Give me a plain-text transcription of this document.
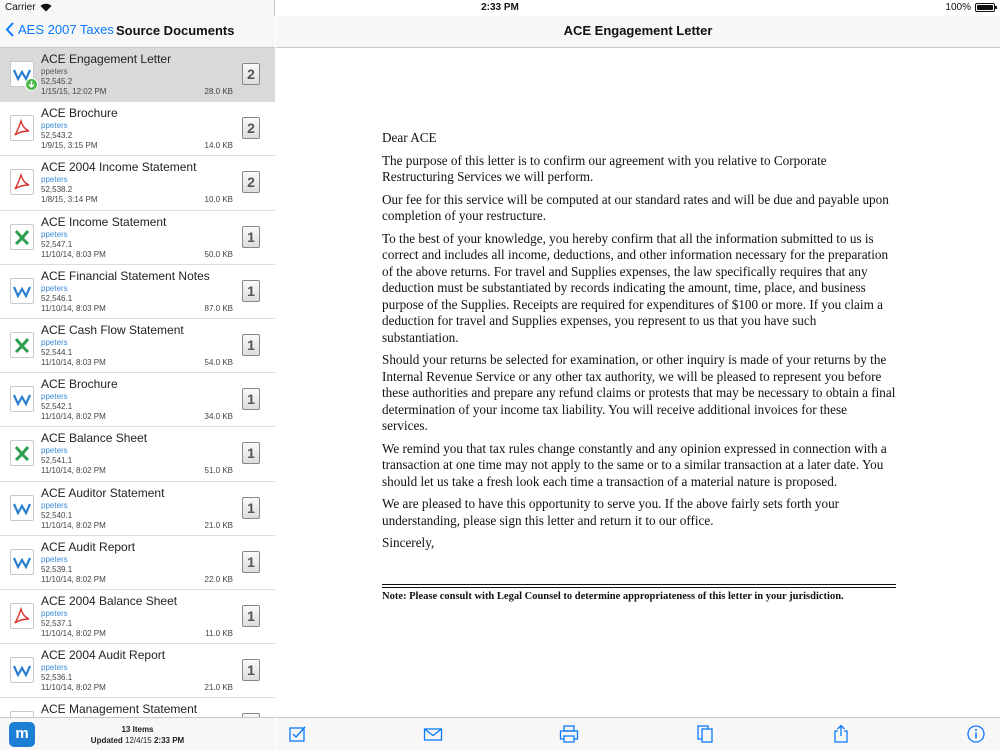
AES 2007 Taxes Source Documents
ACE Engagement Letter
ppeters
52,545.2
1/15/15, 12:02 PM	28.0 KB
2
ACE Brochure
ppeters
52,543.2
1/9/15, 3:15 PM	14.0 KB
2
ACE 2004 Income Statement
ppeters
52,538.2
1/8/15, 3:14 PM	10.0 KB
2
ACE Income Statement
ppeters
52,547.1
11/10/14, 8:03 PM	50.0 KB
1
ACE Financial Statement Notes
ppeters
52,546.1
11/10/14, 8:03 PM	87.0 KB
1
ACE Cash Flow Statement
ppeters
52,544.1
11/10/14, 8:03 PM	54.0 KB
1
ACE Brochure
ppeters
52,542.1
11/10/14, 8:02 PM	34.0 KB
1
ACE Balance Sheet
ppeters
52,541.1
11/10/14, 8:02 PM	51.0 KB
1
ACE Auditor Statement
ppeters
52,540.1
11/10/14, 8:02 PM	21.0 KB
1
ACE Audit Report
ppeters
52,539.1
11/10/14, 8:02 PM	22.0 KB
1
ACE 2004 Balance Sheet
ppeters
52,537.1
11/10/14, 8:02 PM	11.0 KB
1
ACE 2004 Audit Report
ppeters
52,536.1
11/10/14, 8:02 PM	21.0 KB
1
ACE Management Statement
m	13 Items
Updated 12/4/15 2:33 PM
ACE Engagement Letter

Dear ACE

The purpose of this letter is to confirm our agreement with you relative to Corporate Restructuring Services we will perform.

Our fee for this service will be computed at our standard rates and will be due and payable upon completion of your restructure.

To the best of your knowledge, you hereby confirm that all the information submitted to us is correct and includes all income, deductions, and other information necessary for the preparation of the above returns. For travel and Supplies expenses, the law specifically requires that any deduction must be substantiated by records indicating the amount, time, place, and business purpose of the Supplies. Receipts are required for expenditures of $100 or more. If you claim a deduction for travel and Supplies expenses, you represent to us that you have such substantiation.

Should your returns be selected for examination, or other inquiry is made of your returns by the Internal Revenue Service or any other tax authority, we will be pleased to represent you before these authorities and prepare any refund claims or protests that may be necessary to obtain a final determination of your income tax liability. You will receive additional invoices for these services.

We remind you that tax rules change constantly and any opinion expressed in connection with a transaction at one time may not apply to the same or to a similar transaction at a later date. You should let us take a fresh look each time a transaction of a material nature is proposed.

We are pleased to have this opportunity to serve you. If the above fairly sets forth your understanding, please sign this letter and return it to our office.

Sincerely,

Note: Please consult with Legal Counsel to determine appropriateness of this letter in your jurisdiction.
Carrier	2:33 PM	100%
